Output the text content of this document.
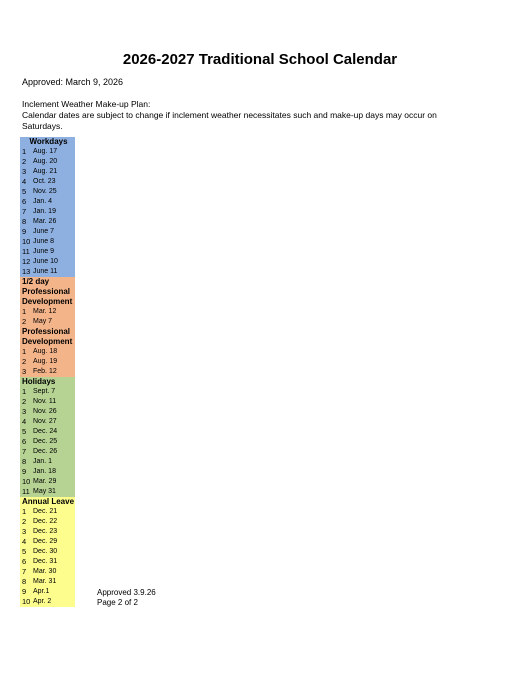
2026-2027 Traditional School Calendar
Approved: March 9, 2026
Inclement Weather Make-up Plan:
Calendar dates are subject to change if inclement weather necessitates such and make-up days may occur on Saturdays.
Workdays
1 Aug. 17
2 Aug. 20
3 Aug. 21
4 Oct. 23
5 Nov. 25
6 Jan. 4
7 Jan. 19
8 Mar. 26
9 June 7
10 June 8
11 June 9
12 June 10
13 June 11
1/2 day Professional Development
1 Mar. 12
2 May 7
Professional Development
1 Aug. 18
2 Aug. 19
3 Feb. 12
Holidays
1 Sept. 7
2 Nov. 11
3 Nov. 26
4 Nov. 27
5 Dec. 24
6 Dec. 25
7 Dec. 26
8 Jan. 1
9 Jan. 18
10 Mar. 29
11 May 31
Annual Leave
1 Dec. 21
2 Dec. 22
3 Dec. 23
4 Dec. 29
5 Dec. 30
6 Dec. 31
7 Mar. 30
8 Mar. 31
9 Apr.1
10 Apr. 2
Approved 3.9.26
Page 2 of 2
